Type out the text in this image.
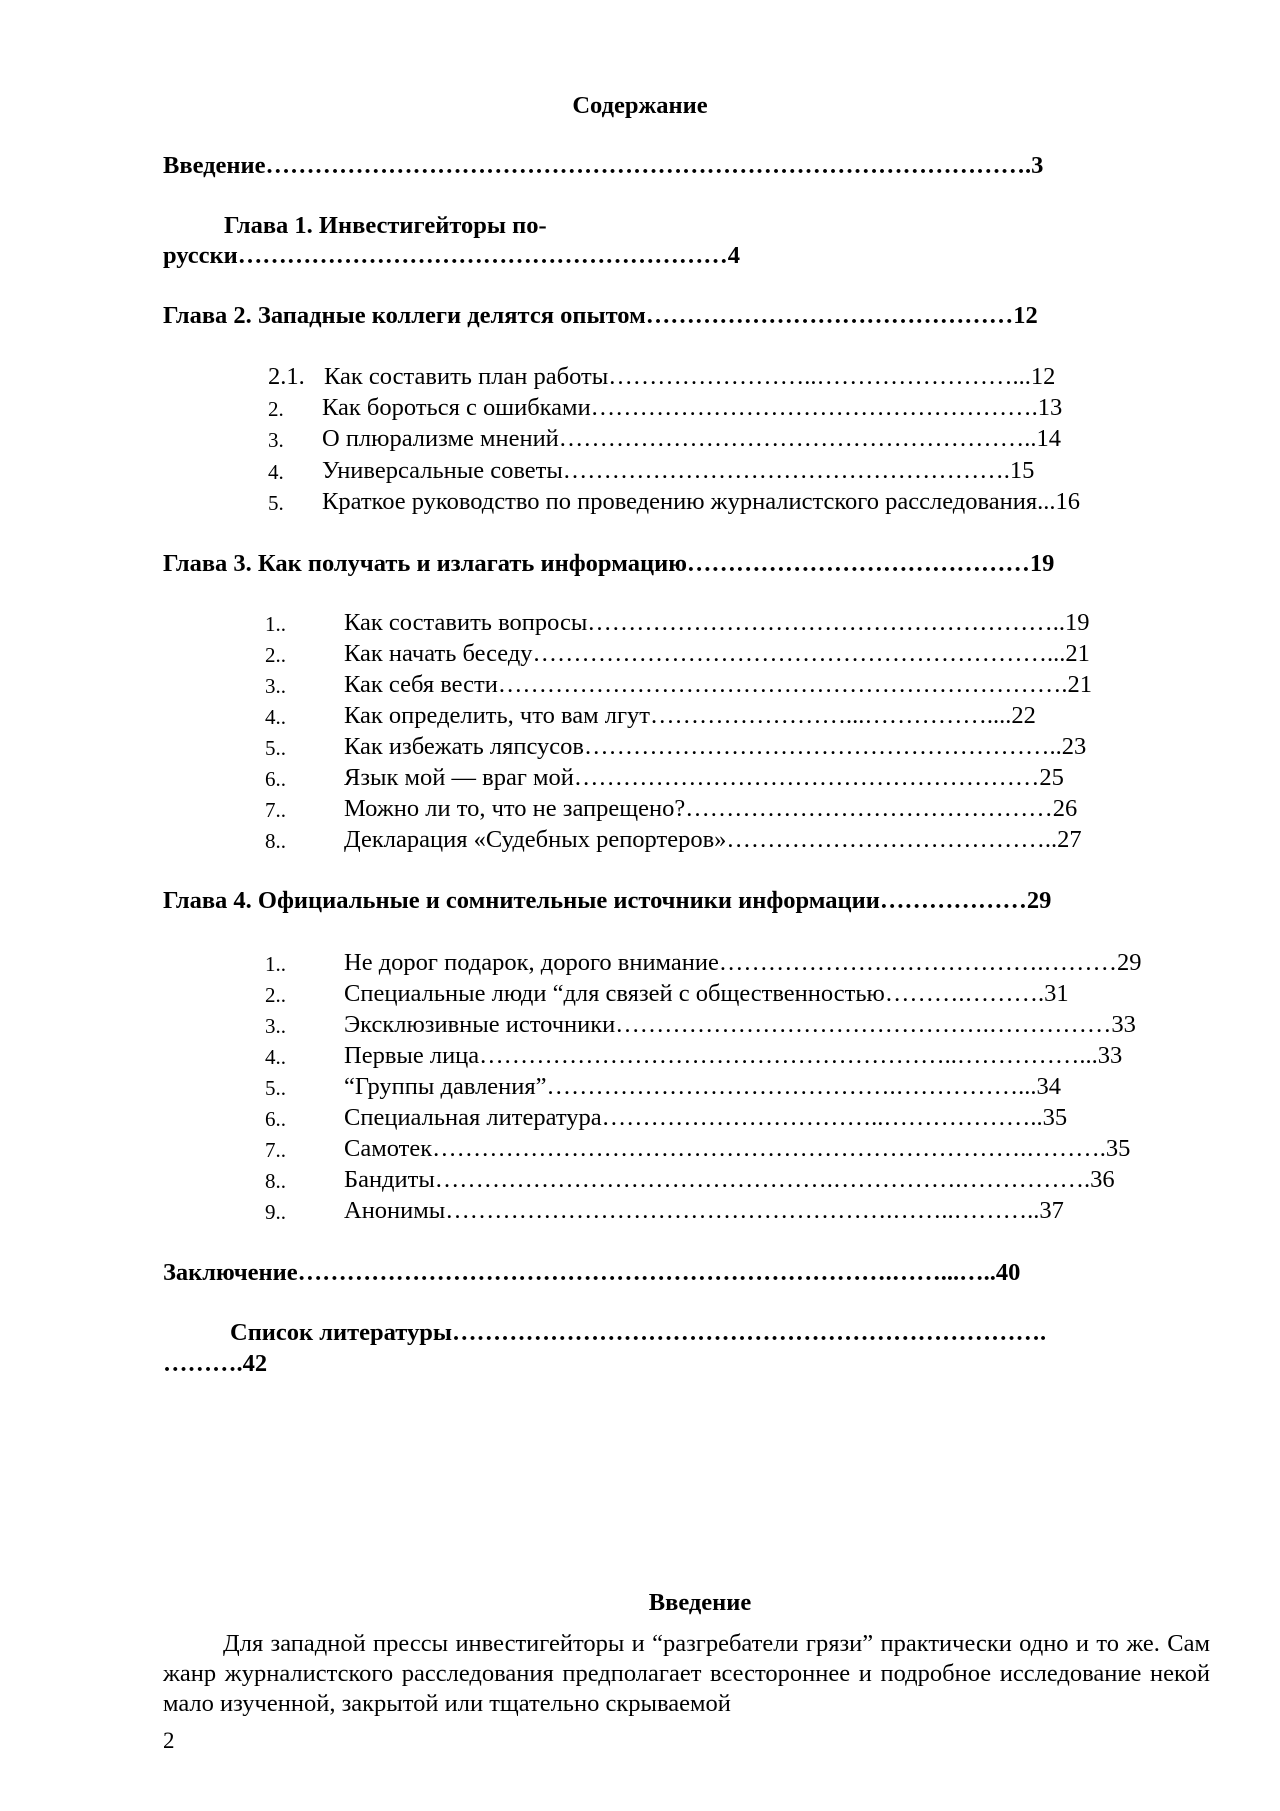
Содержание
Введение………………………………………………………………………………….3
Глава 1. Инвестигейторы по-
русски……………………………………………………4
Глава 2. Западные коллеги делятся опытом………………………………………12
2.1. Как составить план работы……………………..……………………...12
2. Как бороться с ошибками……………………………………………….13
3. О плюрализме мнений…………………………………………………..14
4. Универсальные советы……………………………………………….15
5. Краткое руководство по проведению журналистского расследования...16
Глава 3. Как получать и излагать информацию……………………………………19
1.. Как составить вопросы…………………………………………………..19
2.. Как начать беседу………………………………………………………...21
3.. Как себя вести…………………………………………………………….21
4.. Как определить, что вам лгут……………………...……………....22
5.. Как избежать ляпсусов…………………………………………………..23
6.. Язык мой — враг мой…………………………………………………25
7.. Можно ли то, что не запрещено?………………………………………26
8.. Декларация «Судебных репортеров»…………………………………..27
Глава 4. Официальные и сомнительные источники информации………………29
1.. Не дорог подарок, дорого внимание………………………………….………29
2.. Специальные люди “для связей с общественностью……….……….31
3.. Эксклюзивные источники……………………………………….……………33
4.. Первые лица…………………………………………………..……………...33
5.. “Группы давления”…………………………………….……………...34
6.. Специальная литература……………………………..………………..35
7.. Самотек……………………………………………………………….……….35
8.. Бандиты………………………………………….…………….…………….36
9.. Анонимы……………………………………………….……..………..37
Заключение……………………………………………………………….……...…..40
Список литературы……………………………………………………………….
……….42
Введение

Для западной прессы инвестигейторы и “разгребатели грязи” практически одно и то же. Сам жанр журналистского расследования предполагает всестороннее и подробное исследование некой мало изученной, закрытой или тщательно скрываемой

2
